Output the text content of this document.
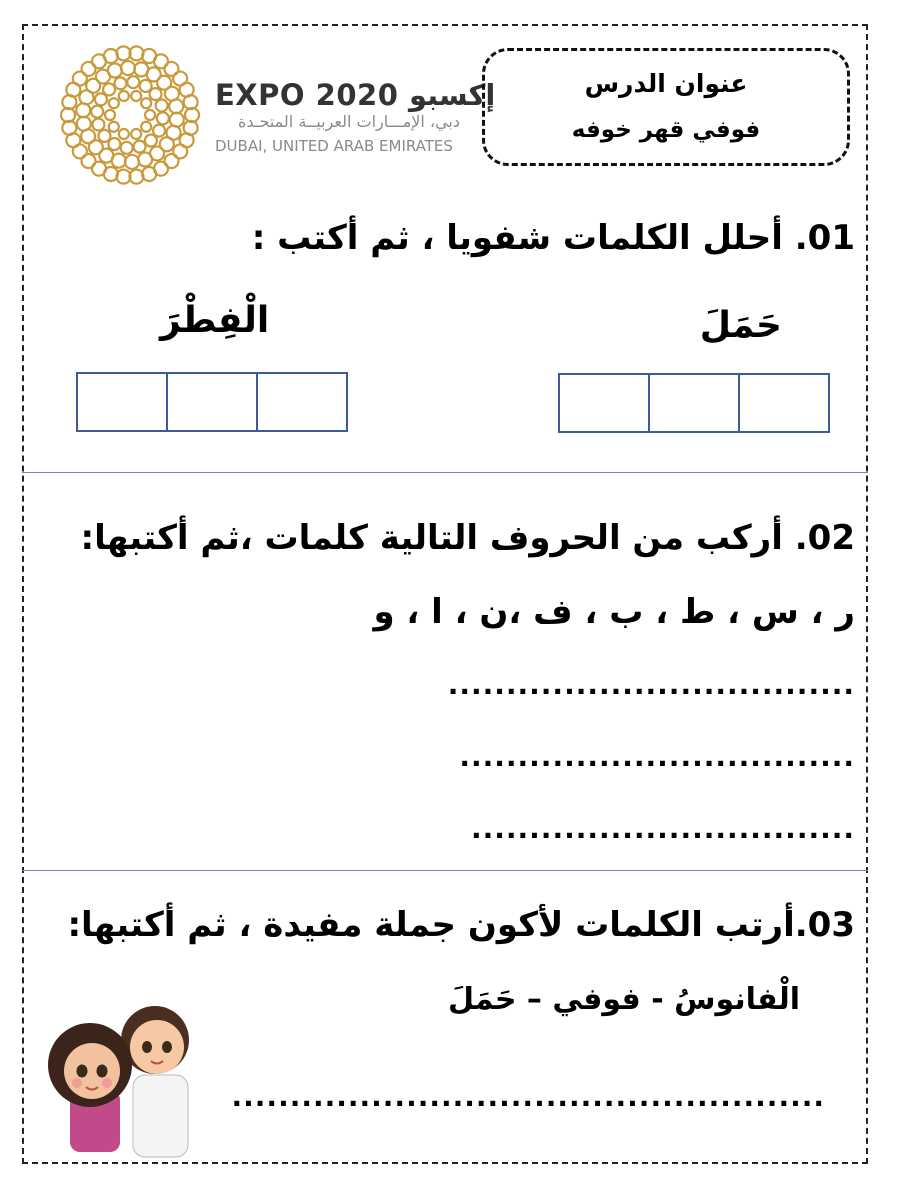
EXPO 2020 إكسبو
دبي، الإمـــارات العربيــة المتحـدة
DUBAI, UNITED ARAB EMIRATES
عنوان الدرس
فوفي قهر خوفه
01. أحلل الكلمات شفويا ، ثم أكتب :
حَمَلَ
الْفِطْرَ
02. أركب من الحروف التالية كلمات ،ثم أكتبها:
ر ، س ، ط ، ب ، ف ،ن ، ا ، و
...................................
..................................
.................................
03.أرتب الكلمات لأكون جملة مفيدة ، ثم أكتبها:
الْفانوسُ - فوفي – حَمَلَ
...................................................
